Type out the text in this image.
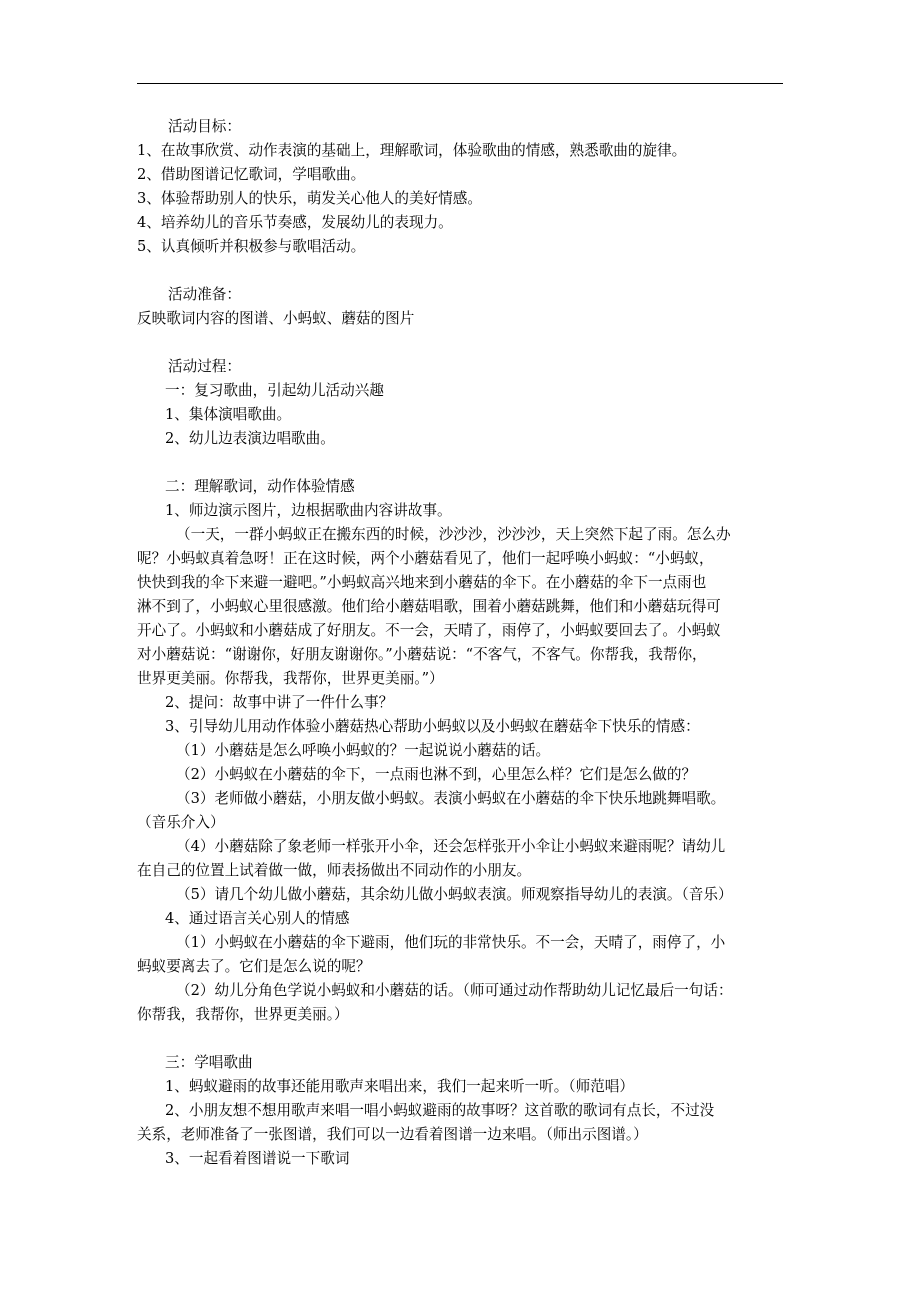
活动目标：
1、在故事欣赏、动作表演的基础上，理解歌词，体验歌曲的情感，熟悉歌曲的旋律。
2、借助图谱记忆歌词，学唱歌曲。
3、体验帮助别人的快乐，萌发关心他人的美好情感。
4、培养幼儿的音乐节奏感，发展幼儿的表现力。
5、认真倾听并积极参与歌唱活动。
活动准备：
反映歌词内容的图谱、小蚂蚁、蘑菇的图片
活动过程：
一：复习歌曲，引起幼儿活动兴趣
1、集体演唱歌曲。
2、幼儿边表演边唱歌曲。
二：理解歌词，动作体验情感
1、师边演示图片，边根据歌曲内容讲故事。
（一天，一群小蚂蚁正在搬东西的时候，沙沙沙，沙沙沙，天上突然下起了雨。怎么办
呢？小蚂蚁真着急呀！正在这时候，两个小蘑菇看见了，他们一起呼唤小蚂蚁：“小蚂蚁，
快快到我的伞下来避一避吧。”小蚂蚁高兴地来到小蘑菇的伞下。在小蘑菇的伞下一点雨也
淋不到了，小蚂蚁心里很感激。他们给小蘑菇唱歌，围着小蘑菇跳舞，他们和小蘑菇玩得可
开心了。小蚂蚁和小蘑菇成了好朋友。不一会，天晴了，雨停了，小蚂蚁要回去了。小蚂蚁
对小蘑菇说：“谢谢你，好朋友谢谢你。”小蘑菇说：“不客气，不客气。你帮我，我帮你，
世界更美丽。你帮我，我帮你，世界更美丽。”）
2、提问：故事中讲了一件什么事？
3、引导幼儿用动作体验小蘑菇热心帮助小蚂蚁以及小蚂蚁在蘑菇伞下快乐的情感：
（1）小蘑菇是怎么呼唤小蚂蚁的？一起说说小蘑菇的话。
（2）小蚂蚁在小蘑菇的伞下，一点雨也淋不到，心里怎么样？它们是怎么做的？
（3）老师做小蘑菇，小朋友做小蚂蚁。表演小蚂蚁在小蘑菇的伞下快乐地跳舞唱歌。
（音乐介入）
（4）小蘑菇除了象老师一样张开小伞，还会怎样张开小伞让小蚂蚁来避雨呢？请幼儿
在自己的位置上试着做一做，师表扬做出不同动作的小朋友。
（5）请几个幼儿做小蘑菇，其余幼儿做小蚂蚁表演。师观察指导幼儿的表演。（音乐）
4、通过语言关心别人的情感
（1）小蚂蚁在小蘑菇的伞下避雨，他们玩的非常快乐。不一会，天晴了，雨停了，小
蚂蚁要离去了。它们是怎么说的呢？
（2）幼儿分角色学说小蚂蚁和小蘑菇的话。（师可通过动作帮助幼儿记忆最后一句话：
你帮我，我帮你，世界更美丽。）
三：学唱歌曲
1、蚂蚁避雨的故事还能用歌声来唱出来，我们一起来听一听。（师范唱）
2、小朋友想不想用歌声来唱一唱小蚂蚁避雨的故事呀？这首歌的歌词有点长，不过没
关系，老师准备了一张图谱，我们可以一边看着图谱一边来唱。（师出示图谱。）
3、一起看着图谱说一下歌词
